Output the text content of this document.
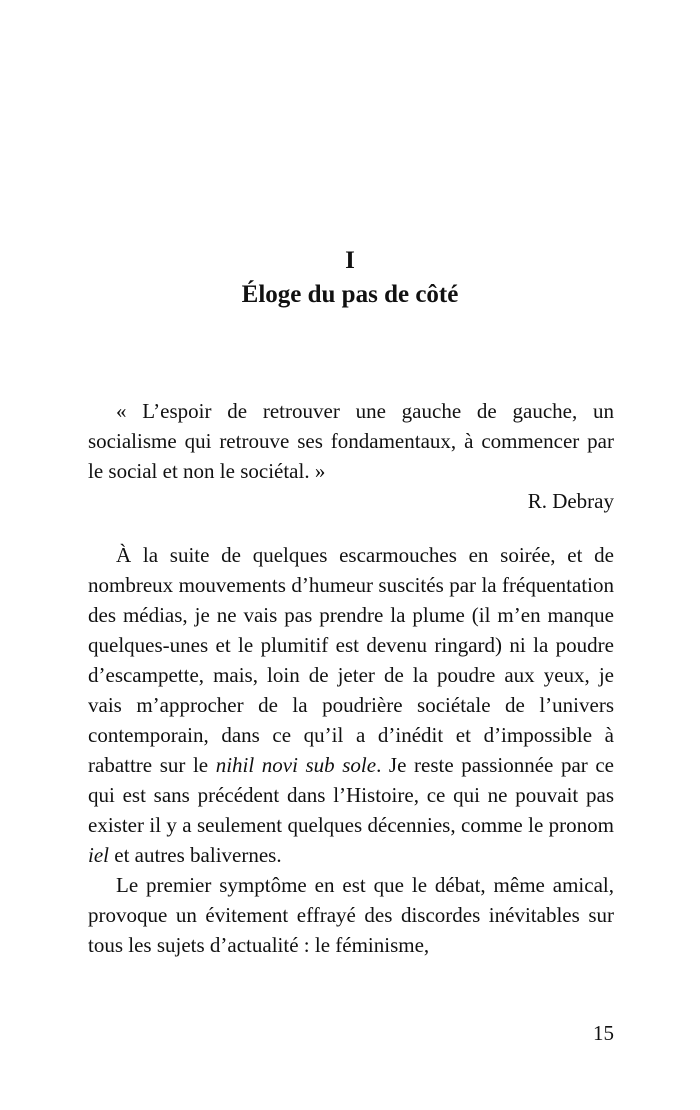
I
Éloge du pas de côté

« L’espoir de retrouver une gauche de gauche, un socialisme qui retrouve ses fondamentaux, à commencer par le social et non le sociétal. »

R. Debray

À la suite de quelques escarmouches en soirée, et de nombreux mouvements d’humeur suscités par la fréquentation des médias, je ne vais pas prendre la plume (il m’en manque quelques-unes et le plumitif est devenu ringard) ni la poudre d’escampette, mais, loin de jeter de la poudre aux yeux, je vais m’approcher de la poudrière sociétale de l’univers contemporain, dans ce qu’il a d’inédit et d’impossible à rabattre sur le nihil novi sub sole. Je reste passionnée par ce qui est sans précédent dans l’Histoire, ce qui ne pouvait pas exister il y a seulement quelques décennies, comme le pronom iel et autres balivernes.

Le premier symptôme en est que le débat, même amical, provoque un évitement effrayé des discordes inévitables sur tous les sujets d’actualité : le féminisme,

15
